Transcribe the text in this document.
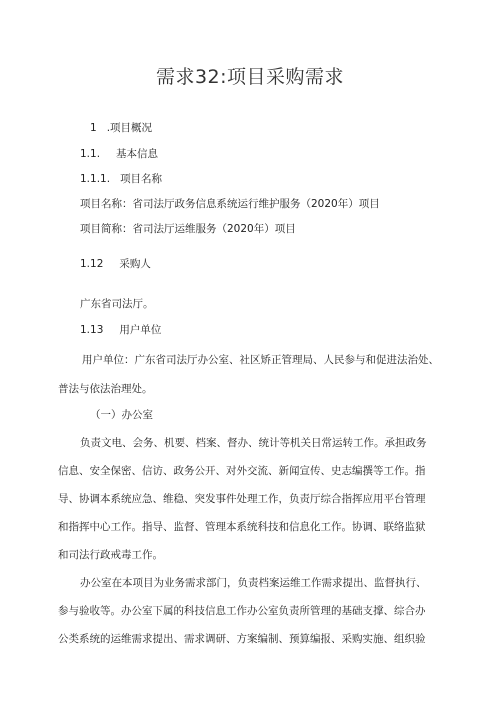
需求32:项目采购需求
1 .项目概况
1.1. 基本信息
1.1.1. 项目名称
项目名称：省司法厅政务信息系统运行维护服务（2020年）项目
项目简称：省司法厅运维服务（2020年）项目
1.12 采购人
广东省司法厅。
1.13 用户单位
用户单位：广东省司法厅办公室、社区矫正管理局、人民参与和促进法治处、
普法与依法治理处。
（一）办公室
负责文电、会务、机要、档案、督办、统计等机关日常运转工作。承担政务
信息、安全保密、信访、政务公开、对外交流、新闻宣传、史志编撰等工作。指
导、协调本系统应急、维稳、突发事件处理工作，负责厅综合指挥应用平台管理
和指挥中心工作。指导、监督、管理本系统科技和信息化工作。协调、联络监狱
和司法行政戒毒工作。
办公室在本项目为业务需求部门，负责档案运维工作需求提出、监督执行、
参与验收等。办公室下属的科技信息工作办公室负责所管理的基础支撑、综合办
公类系统的运维需求提出、需求调研、方案编制、预算编报、采购实施、组织验
